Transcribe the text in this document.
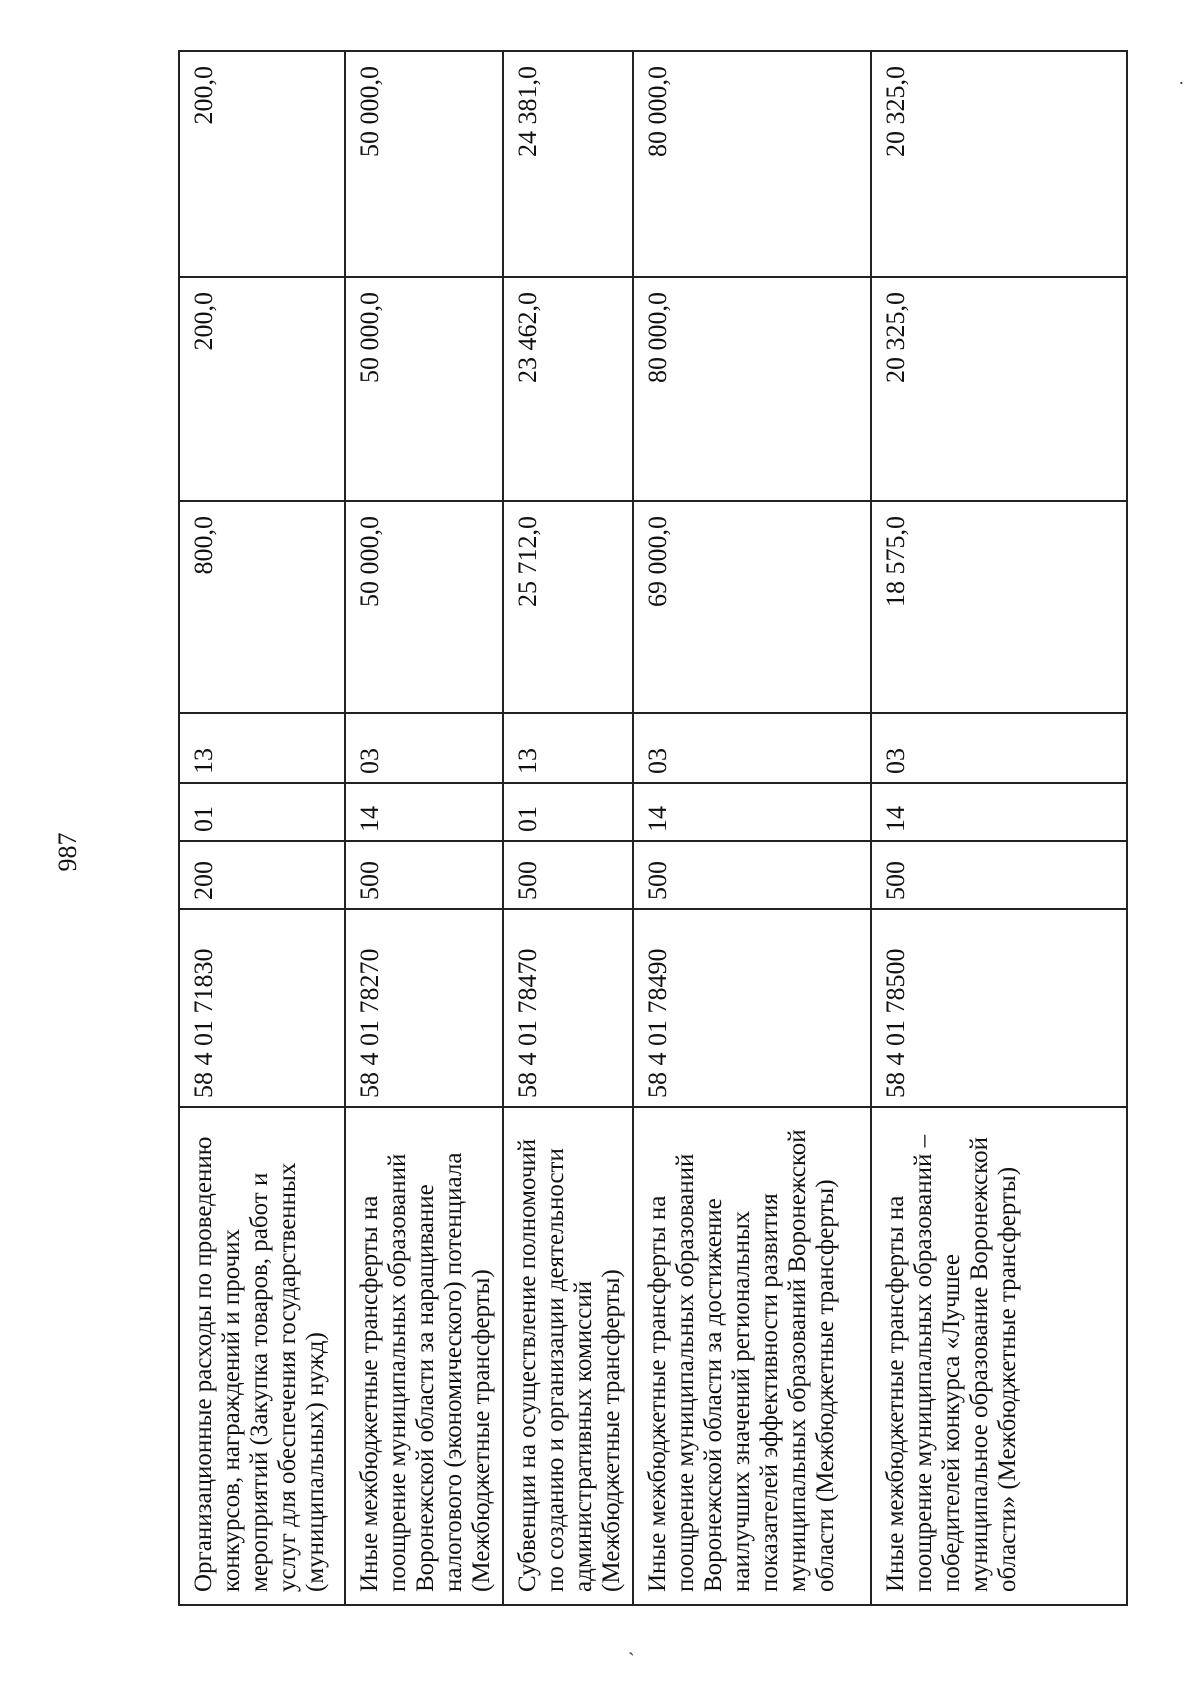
987
˙
ˏ
Организационные расходы по проведению конкурсов, награждений и прочих мероприятий (Закупка товаров, работ и услуг для обеспечения государственных (муниципальных) нужд)	58 4 01 71830	200	01	13	800,0	200,0	200,0
Иные межбюджетные трансферты на поощрение муниципальных образований Воронежской области за наращивание налогового (экономического) потенциала (Межбюджетные трансферты)	58 4 01 78270	500	14	03	50 000,0	50 000,0	50 000,0
Субвенции на осуществление полномочий по созданию и организации деятельности административных комиссий (Межбюджетные трансферты)	58 4 01 78470	500	01	13	25 712,0	23 462,0	24 381,0
Иные межбюджетные трансферты на поощрение муниципальных образований Воронежской области за достижение наилучших значений региональных показателей эффективности развития муниципальных образований Воронежской области (Межбюджетные трансферты)	58 4 01 78490	500	14	03	69 000,0	80 000,0	80 000,0
Иные межбюджетные трансферты на поощрение муниципальных образований – победителей конкурса «Лучшее муниципальное образование Воронежской области» (Межбюджетные трансферты)	58 4 01 78500	500	14	03	18 575,0	20 325,0	20 325,0
